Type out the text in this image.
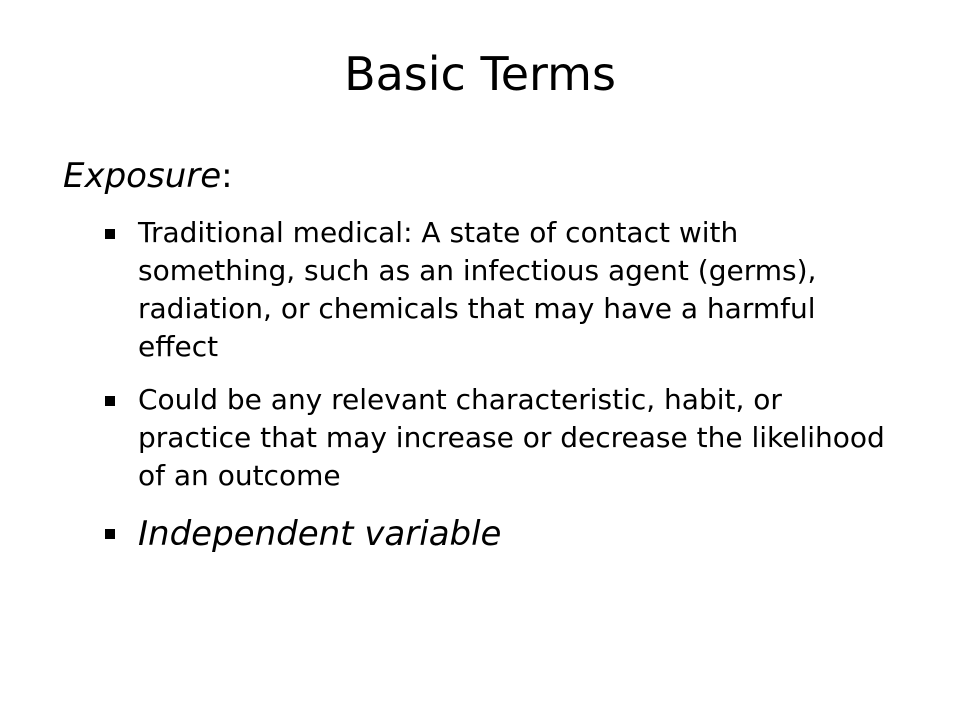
Basic Terms

Exposure:

Traditional medical: A state of contact with something, such as an infectious agent (germs), radiation, or chemicals that may have a harmful effect
Could be any relevant characteristic, habit, or practice that may increase or decrease the likelihood of an outcome
Independent variable
